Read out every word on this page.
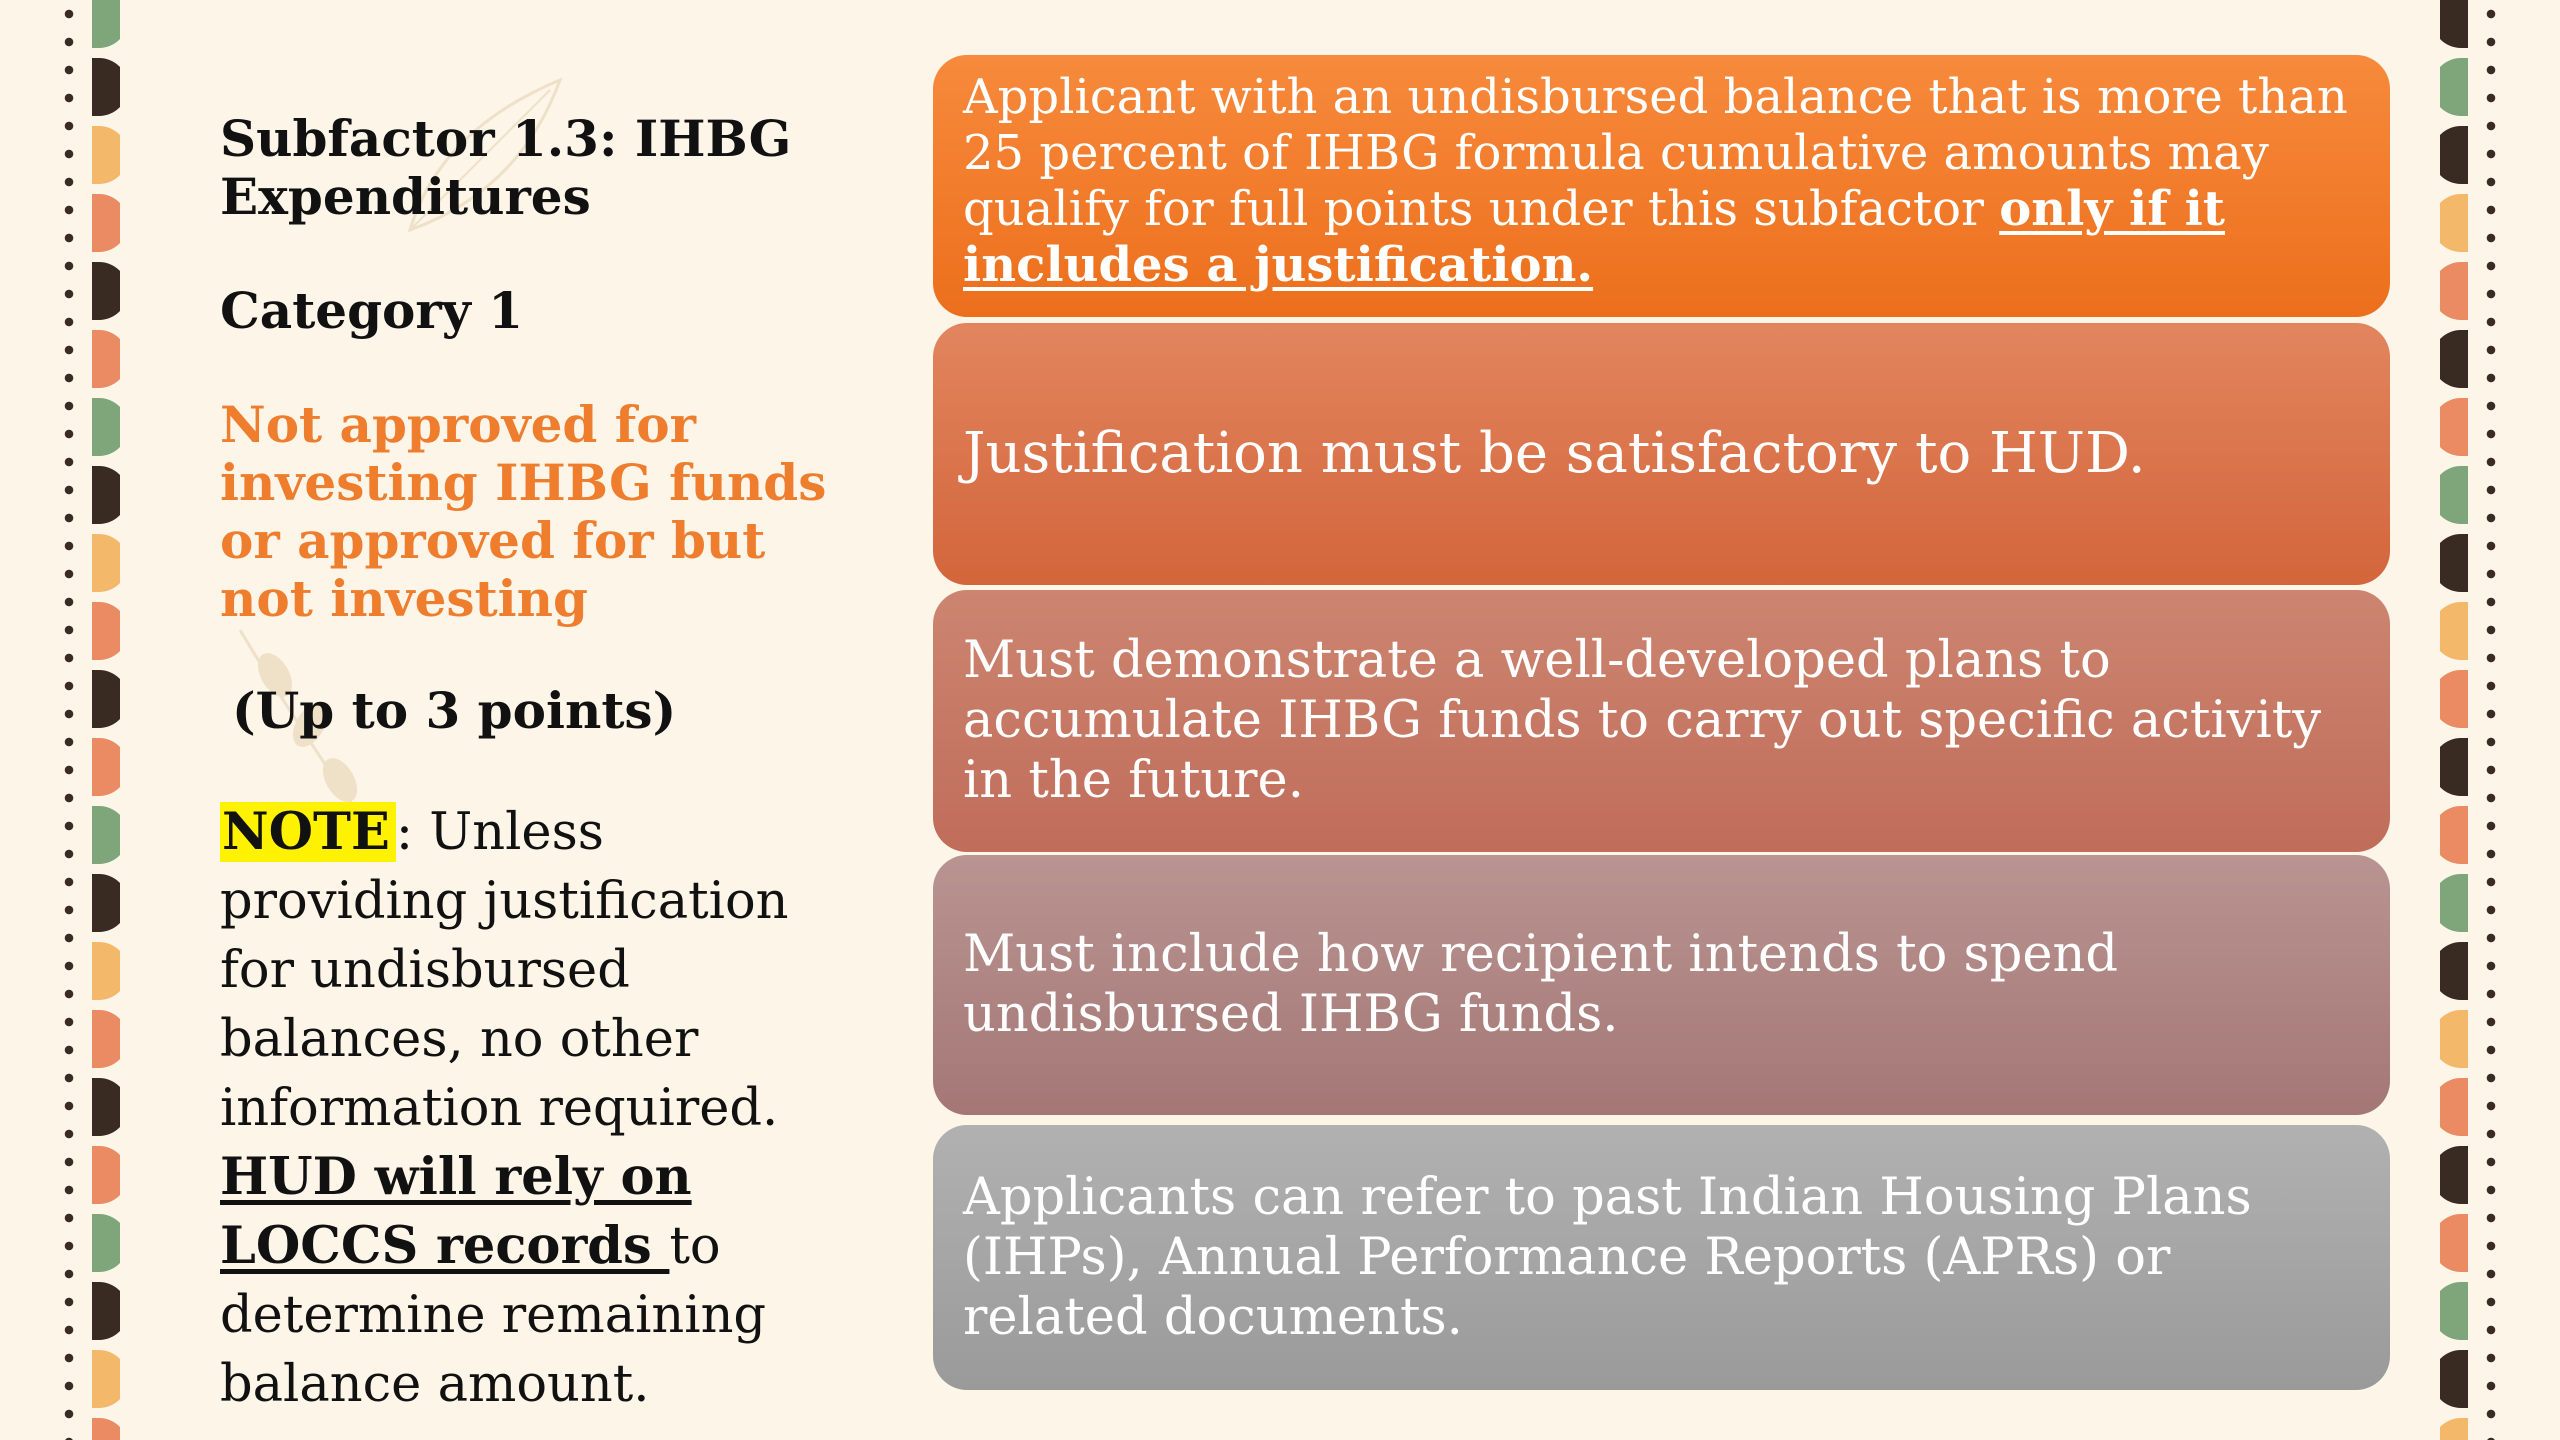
Subfactor 1.3: IHBG Expenditures
Category 1
Not approved for investing IHBG funds or approved for but not investing
(Up to 3 points)
NOTE : Unless providing justification for undisbursed balances, no other information required. HUD will rely on LOCCS records to determine remaining balance amount.
Applicant with an undisbursed balance that is more than 25 percent of IHBG formula cumulative amounts may qualify for full points under this subfactor only if it includes a justification.
Justification must be satisfactory to HUD.
Must demonstrate a well-developed plans to accumulate IHBG funds to carry out specific activity in the future.
Must include how recipient intends to spend undisbursed IHBG funds.
Applicants can refer to past Indian Housing Plans (IHPs), Annual Performance Reports (APRs) or related documents.
